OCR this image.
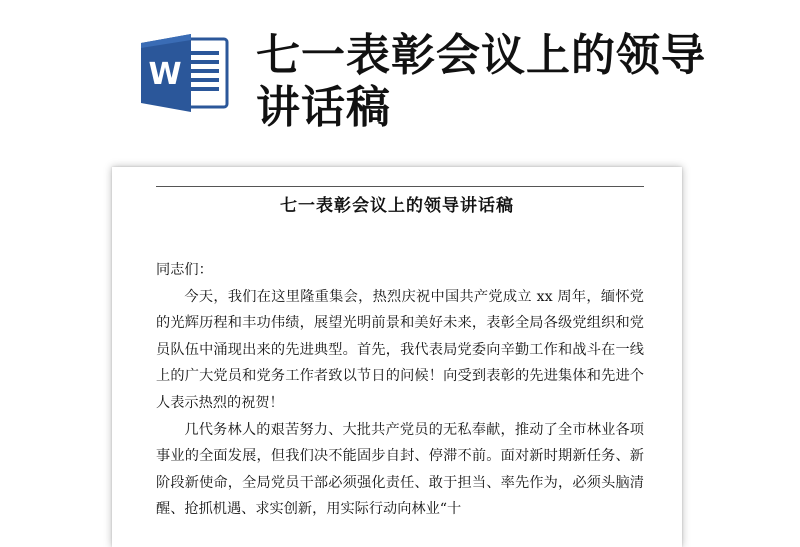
W 七一表彰会议上的领导讲话稿
七一表彰会议上的领导讲话稿

同志们：

今天，我们在这里隆重集会，热烈庆祝中国共产党成立 xx 周年，缅怀党的光辉历程和丰功伟绩，展望光明前景和美好未来，表彰全局各级党组织和党员队伍中涌现出来的先进典型。首先，我代表局党委向辛勤工作和战斗在一线上的广大党员和党务工作者致以节日的问候！向受到表彰的先进集体和先进个人表示热烈的祝贺！

几代务林人的艰苦努力、大批共产党员的无私奉献，推动了全市林业各项事业的全面发展，但我们决不能固步自封、停滞不前。面对新时期新任务、新阶段新使命，全局党员干部必须强化责任、敢于担当、率先作为，必须头脑清醒、抢抓机遇、求实创新，用实际行动向林业“十
